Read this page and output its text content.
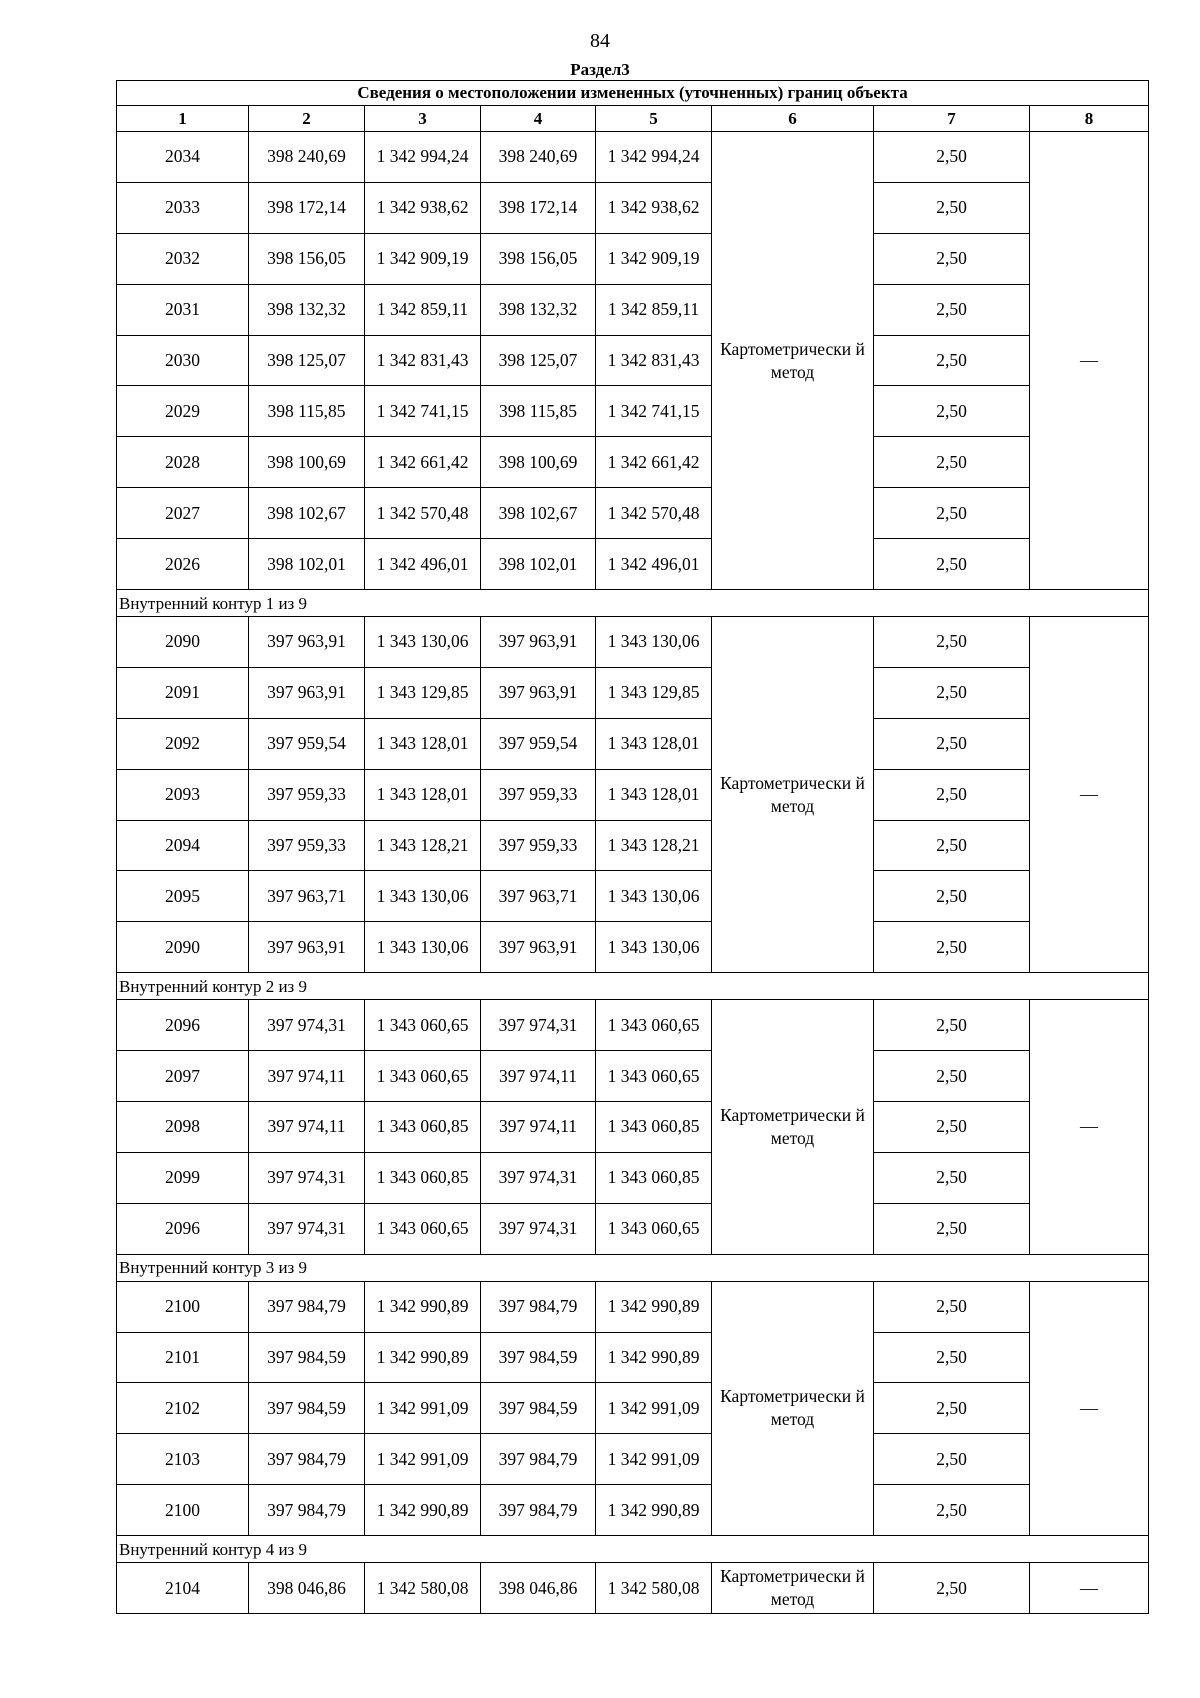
84
Раздел3
Сведения о местоположении измененных (уточненных) границ объекта							
1	2	3	4	5	6	7	8
2034	398 240,69	1 342 994,24	398 240,69	1 342 994,24	Картометрически й метод	2,50	—
2033	398 172,14	1 342 938,62	398 172,14	1 342 938,62		2,50	
2032	398 156,05	1 342 909,19	398 156,05	1 342 909,19		2,50	
2031	398 132,32	1 342 859,11	398 132,32	1 342 859,11		2,50	
2030	398 125,07	1 342 831,43	398 125,07	1 342 831,43		2,50	
2029	398 115,85	1 342 741,15	398 115,85	1 342 741,15		2,50	
2028	398 100,69	1 342 661,42	398 100,69	1 342 661,42		2,50	
2027	398 102,67	1 342 570,48	398 102,67	1 342 570,48		2,50	
2026	398 102,01	1 342 496,01	398 102,01	1 342 496,01		2,50	
Внутренний контур 1 из 9							
2090	397 963,91	1 343 130,06	397 963,91	1 343 130,06	Картометрически й метод	2,50	—
2091	397 963,91	1 343 129,85	397 963,91	1 343 129,85		2,50	
2092	397 959,54	1 343 128,01	397 959,54	1 343 128,01		2,50	
2093	397 959,33	1 343 128,01	397 959,33	1 343 128,01		2,50	
2094	397 959,33	1 343 128,21	397 959,33	1 343 128,21		2,50	
2095	397 963,71	1 343 130,06	397 963,71	1 343 130,06		2,50	
2090	397 963,91	1 343 130,06	397 963,91	1 343 130,06		2,50	
Внутренний контур 2 из 9							
2096	397 974,31	1 343 060,65	397 974,31	1 343 060,65	Картометрически й метод	2,50	—
2097	397 974,11	1 343 060,65	397 974,11	1 343 060,65		2,50	
2098	397 974,11	1 343 060,85	397 974,11	1 343 060,85		2,50	
2099	397 974,31	1 343 060,85	397 974,31	1 343 060,85		2,50	
2096	397 974,31	1 343 060,65	397 974,31	1 343 060,65		2,50	
Внутренний контур 3 из 9							
2100	397 984,79	1 342 990,89	397 984,79	1 342 990,89	Картометрически й метод	2,50	—
2101	397 984,59	1 342 990,89	397 984,59	1 342 990,89		2,50	
2102	397 984,59	1 342 991,09	397 984,59	1 342 991,09		2,50	
2103	397 984,79	1 342 991,09	397 984,79	1 342 991,09		2,50	
2100	397 984,79	1 342 990,89	397 984,79	1 342 990,89		2,50	
Внутренний контур 4 из 9							
2104	398 046,86	1 342 580,08	398 046,86	1 342 580,08	Картометрически й метод	2,50	—
